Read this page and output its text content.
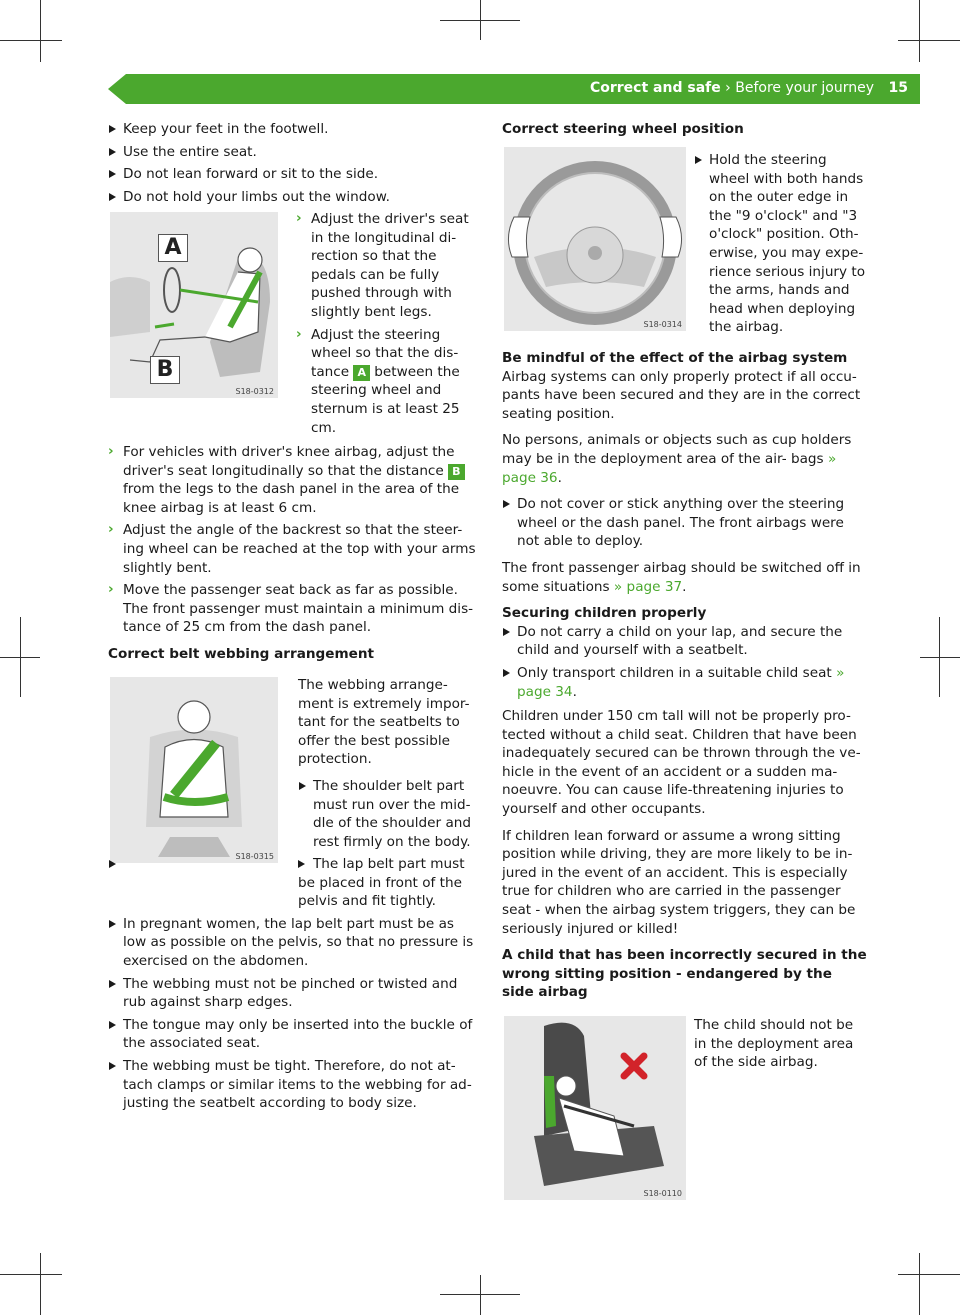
Correct and safe › Before your journey 15
Keep your feet in the footwell.
Use the entire seat.
Do not lean forward or sit to the side.
Do not hold your limbs out the window.
A
B
S18-0312
› Adjust the driver's seat in the longitudinal di- rection so that the pedals can be fully pushed through with slightly bent legs.
› Adjust the steering wheel so that the dis- tance A between the steering wheel and sternum is at least 25 cm.
› For vehicles with driver's knee airbag, adjust the driver's seat longitudinally so that the distance B from the legs to the dash panel in the area of the knee airbag is at least 6 cm.
› Adjust the angle of the backrest so that the steer- ing wheel can be reached at the top with your arms slightly bent.
› Move the passenger seat back as far as possible. The front passenger must maintain a minimum dis- tance of 25 cm from the dash panel.
Correct belt webbing arrangement
S18-0315

The webbing arrange- ment is extremely impor- tant for the seatbelts to offer the best possible protection.

The shoulder belt part must run over the mid- dle of the shoulder and rest firmly on the body.
The lap belt part must be placed in front of the pelvis and fit tightly.
In pregnant women, the lap belt part must be as low as possible on the pelvis, so that no pressure is exercised on the abdomen.
The webbing must not be pinched or twisted and rub against sharp edges.
The tongue may only be inserted into the buckle of the associated seat.
The webbing must be tight. Therefore, do not at- tach clamps or similar items to the webbing for ad- justing the seatbelt according to body size.
Correct steering wheel position
S18-0314
Hold the steering wheel with both hands on the outer edge in the "9 o'clock" and "3 o'clock" position. Oth- erwise, you may expe- rience serious injury to the arms, hands and head when deploying the airbag.
Be mindful of the effect of the airbag system

Airbag systems can only properly protect if all occu- pants have been secured and they are in the correct seating position.

No persons, animals or objects such as cup holders may be in the deployment area of the air- bags » page 36.

Do not cover or stick anything over the steering wheel or the dash panel. The front airbags were not able to deploy.

The front passenger airbag should be switched off in some situations » page 37.

Securing children properly
Do not carry a child on your lap, and secure the child and yourself with a seatbelt.
Only transport children in a suitable child seat » page 34.

Children under 150 cm tall will not be properly pro- tected without a child seat. Children that have been inadequately secured can be thrown through the ve- hicle in the event of an accident or a sudden ma- noeuvre. You can cause life-threatening injuries to yourself and other occupants.

If children lean forward or assume a wrong sitting position while driving, they are more likely to be in- jured in the event of an accident. This is especially true for children who are carried in the passenger seat - when the airbag system triggers, they can be seriously injured or killed!

A child that has been incorrectly secured in the wrong sitting position - endangered by the side airbag
S18-0110

The child should not be in the deployment area of the side airbag.
